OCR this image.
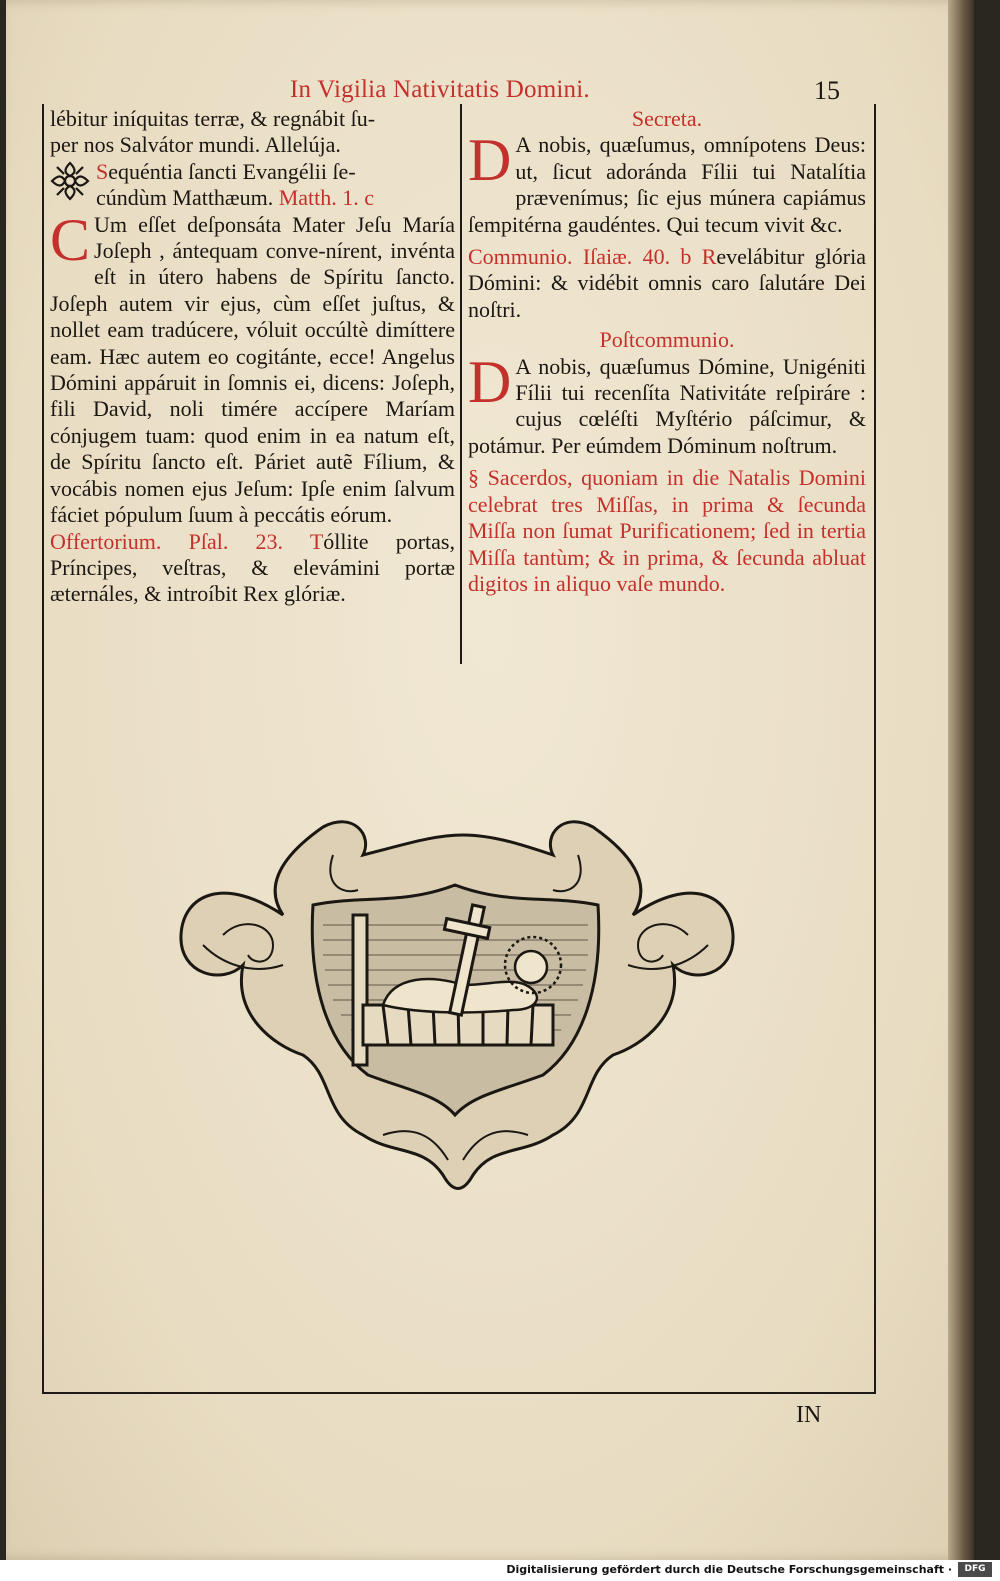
In Vigilia Nativitatis Domini.	15

lébitur iníquitas terræ, & regnábit ſu-

per nos Salvátor mundi. Allelúja.

Sequéntia ſancti Evangélii ſe-
cúndùm Matthæum. Matth. 1. c

C Um eſſet deſponsáta Mater Jeſu María Joſeph , ántequam conve-nírent, invénta eſt in útero habens de Spíritu ſancto. Joſeph autem vir ejus, cùm eſſet juſtus, & nollet eam tradúcere, vóluit occúltè dimíttere eam. Hæc autem eo cogitánte, ecce! Angelus Dómini appáruit in ſomnis ei, dicens: Joſeph, fili David, noli timére accípere Maríam cónjugem tuam: quod enim in ea natum eſt, de Spíritu ſancto eſt. Páriet autẽ Fílium, & vocábis nomen ejus Jeſum: Ipſe enim ſalvum fáciet pópulum ſuum à peccátis eórum.

Offertorium. Pſal. 23. Tóllite portas, Príncipes, veſtras, & elevámini portæ æternáles, & introíbit Rex glóriæ.

Secreta.

D A nobis, quæſumus, omnípotens Deus: ut, ſicut adoránda Fílii tui Natalítia prævenímus; ſic ejus múnera capiámus ſempitérna gaudéntes. Qui tecum vivit &c.

Communio. Iſaiæ. 40. b Revelábitur glória Dómini: & vidébit omnis caro ſalutáre Dei noſtri.

Poſtcommunio.

D A nobis, quæſumus Dómine, Unigéniti Fílii tui recenſíta Nativitáte reſpiráre : cujus cœléſti Myſtério páſcimur, & potámur. Per eúmdem Dóminum noſtrum.

§ Sacerdos, quoniam in die Natalis Domini celebrat tres Miſſas, in prima & ſecunda Miſſa non ſumat Purificationem; ſed in tertia Miſſa tantùm; & in prima, & ſecunda abluat digitos in aliquo vaſe mundo.

IN
Digitalisierung gefördert durch die Deutsche Forschungsgemeinschaft ·	DFG
